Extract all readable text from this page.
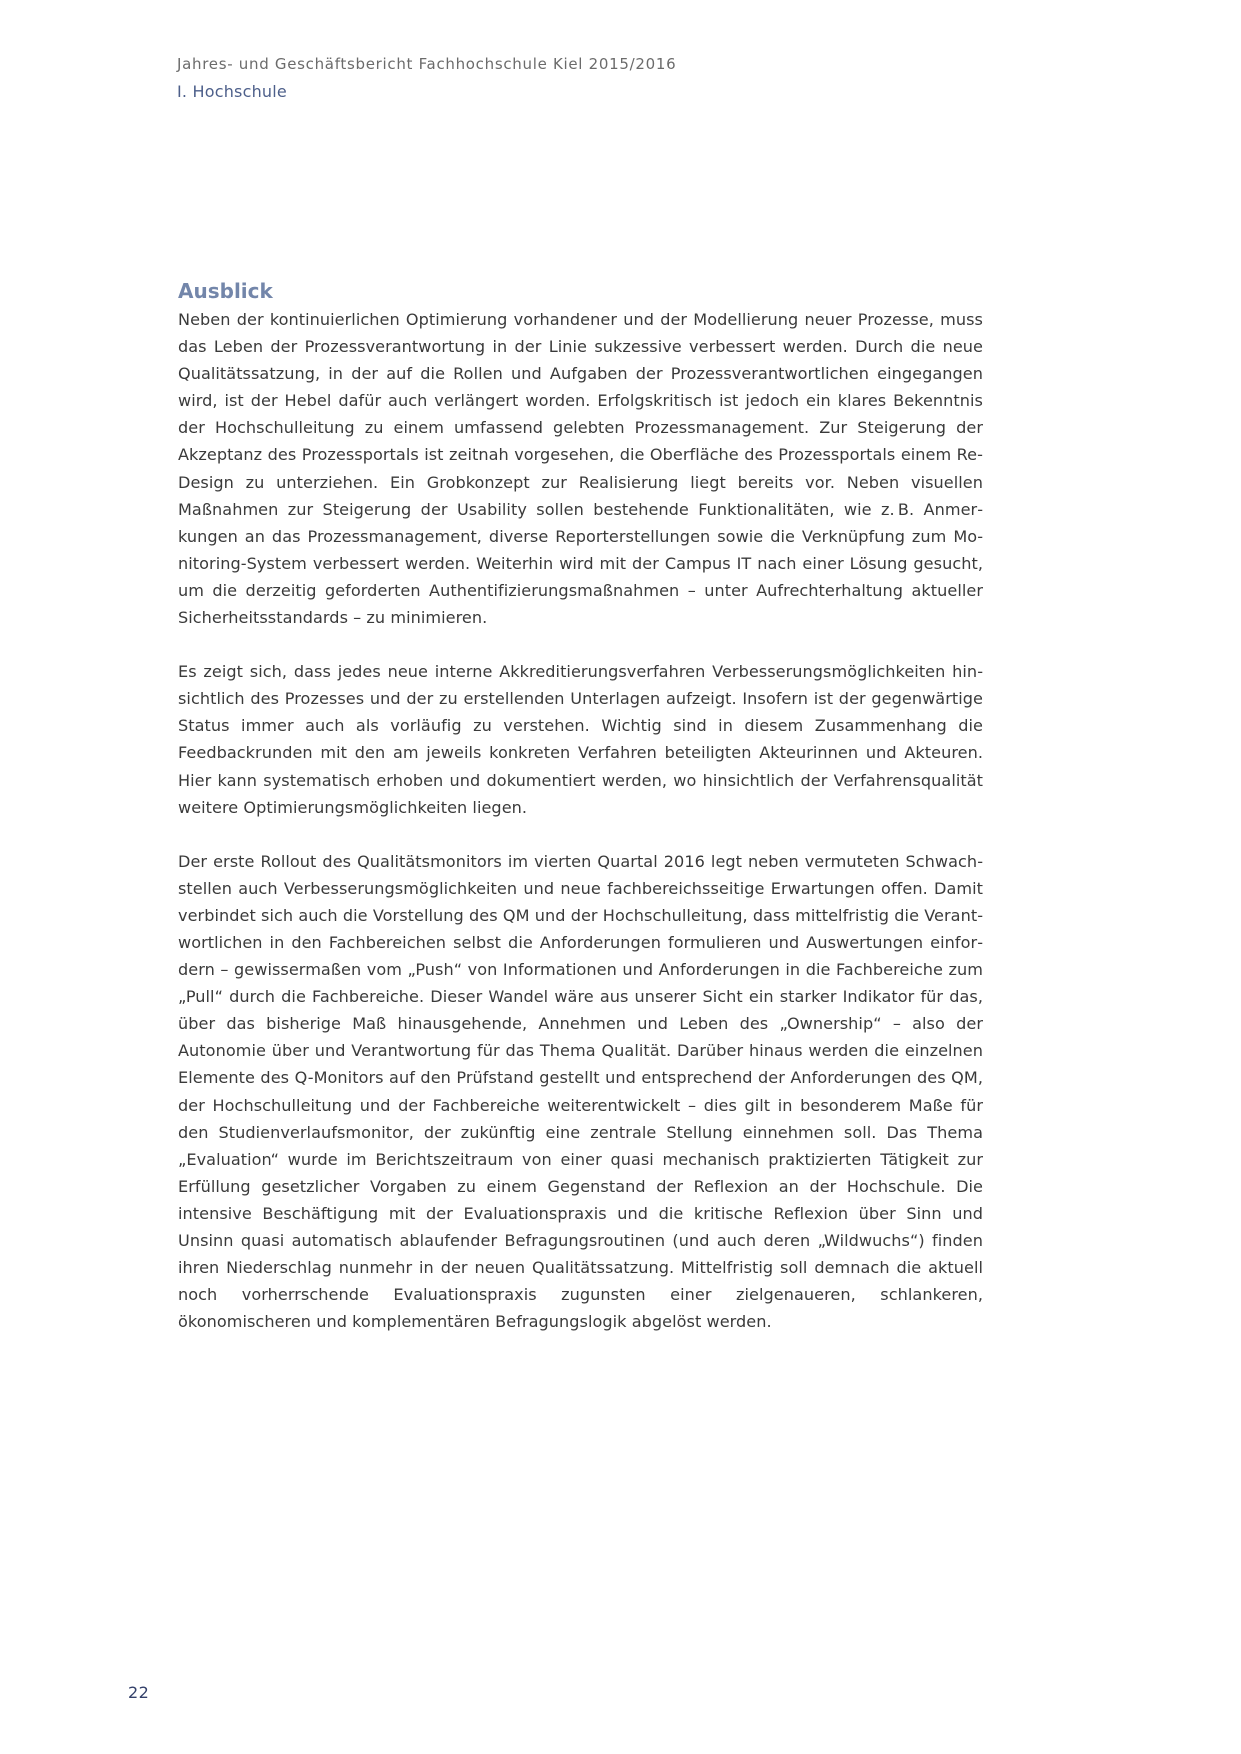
Jahres- und Geschäftsbericht Fachhochschule Kiel 2015/2016
I. Hochschule
Ausblick

Neben der kontinuierlichen Optimierung vorhandener und der Modellierung neuer Prozesse, muss das Leben der Prozessverantwortung in der Linie sukzessive verbessert werden. Durch die neue Qualitätssatzung, in der auf die Rollen und Aufgaben der Prozessverantwortlichen eingegangen wird, ist der Hebel dafür auch verlängert worden. Erfolgskritisch ist jedoch ein klares Bekenntnis der Hochschulleitung zu einem umfassend gelebten Prozessmanagement. Zur Steigerung der Akzeptanz des Prozessportals ist zeitnah vorgesehen, die Oberfläche des Prozessportals einem Re-Design zu unterziehen. Ein Grobkonzept zur Realisierung liegt bereits vor. Neben visuellen Maßnahmen zur Steigerung der Usability sollen bestehende Funktionalitäten, wie z. B. Anmerkungen an das Prozessmanagement, diverse Reporterstellungen sowie die Verknüpfung zum Monitoring-System verbessert werden. Weiterhin wird mit der Campus IT nach einer Lösung gesucht, um die derzeitig geforderten Authentifizierungsmaßnahmen – unter Aufrechterhaltung aktueller Sicherheitsstandards – zu minimieren.

Es zeigt sich, dass jedes neue interne Akkreditierungsverfahren Verbesserungsmöglichkeiten hinsichtlich des Prozesses und der zu erstellenden Unterlagen aufzeigt. Insofern ist der gegenwärtige Status immer auch als vorläufig zu verstehen. Wichtig sind in diesem Zusammenhang die Feedbackrunden mit den am jeweils konkreten Verfahren beteiligten Akteurinnen und Akteuren. Hier kann systematisch erhoben und dokumentiert werden, wo hinsichtlich der Verfahrensqualität weitere Optimierungsmöglichkeiten liegen.

Der erste Rollout des Qualitätsmonitors im vierten Quartal 2016 legt neben vermuteten Schwachstellen auch Verbesserungsmöglichkeiten und neue fachbereichsseitige Erwartungen offen. Damit verbindet sich auch die Vorstellung des QM und der Hochschulleitung, dass mittelfristig die Verantwortlichen in den Fachbereichen selbst die Anforderungen formulieren und Auswertungen einfordern – gewissermaßen vom „Push“ von Informationen und Anforderungen in die Fachbereiche zum „Pull“ durch die Fachbereiche. Dieser Wandel wäre aus unserer Sicht ein starker Indikator für das, über das bisherige Maß hinausgehende, Annehmen und Leben des „Ownership“ – also der Autonomie über und Verantwortung für das Thema Qualität. Darüber hinaus werden die einzelnen Elemente des Q-Monitors auf den Prüfstand gestellt und entsprechend der Anforderungen des QM, der Hochschulleitung und der Fachbereiche weiterentwickelt – dies gilt in besonderem Maße für den Studienverlaufsmonitor, der zukünftig eine zentrale Stellung einnehmen soll. Das Thema „Evaluation“ wurde im Berichtszeitraum von einer quasi mechanisch praktizierten Tätigkeit zur Erfüllung gesetzlicher Vorgaben zu einem Gegenstand der Reflexion an der Hochschule. Die intensive Beschäftigung mit der Evaluationspraxis und die kritische Reflexion über Sinn und Unsinn quasi automatisch ablaufender Befragungsroutinen (und auch deren „Wildwuchs“) finden ihren Niederschlag nunmehr in der neuen Qualitätssatzung. Mittelfristig soll demnach die aktuell noch vorherrschende Evaluationspraxis zugunsten einer zielgenaueren, schlankeren, ökonomischeren und komplementären Befragungslogik abgelöst werden.

22
